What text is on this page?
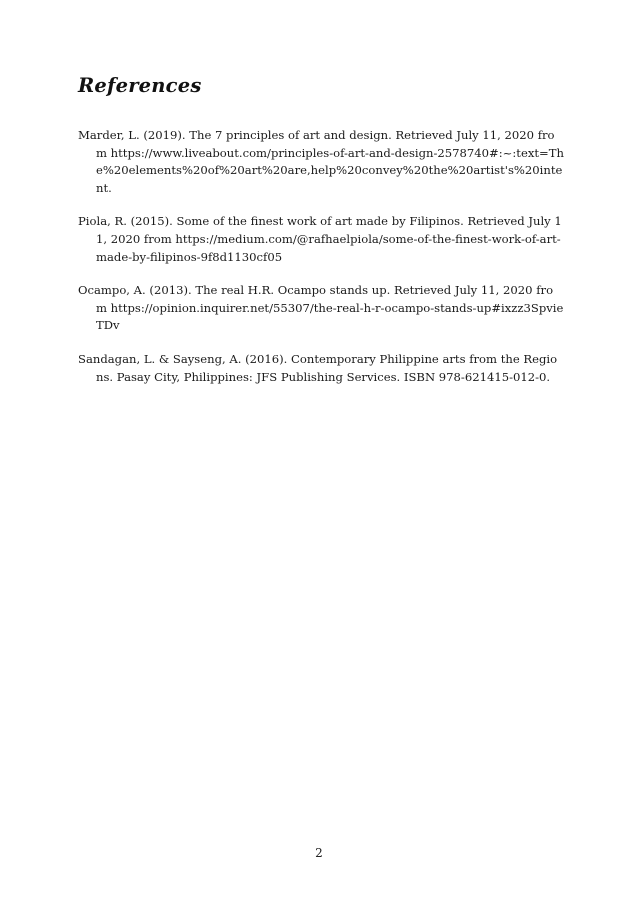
References
Marder, L. (2019). The 7 principles of art and design. Retrieved July 11, 2020 from https://www.liveabout.com/principles-of-art-and-design-2578740#:~:text=The%20elements%20of%20art%20are,help%20convey%20the%20artist's%20intent.
Piola, R. (2015). Some of the finest work of art made by Filipinos. Retrieved July 11, 2020 from https://medium.com/@rafhaelpiola/some-of-the-finest-work-of-art-made-by-filipinos-9f8d1130cf05
Ocampo, A. (2013). The real H.R. Ocampo stands up. Retrieved July 11, 2020 from https://opinion.inquirer.net/55307/the-real-h-r-ocampo-stands-up#ixzz3SpvieTDv
Sandagan, L. & Sayseng, A. (2016). Contemporary Philippine arts from the Regions. Pasay City, Philippines: JFS Publishing Services. ISBN 978-621415-012-0.
2
